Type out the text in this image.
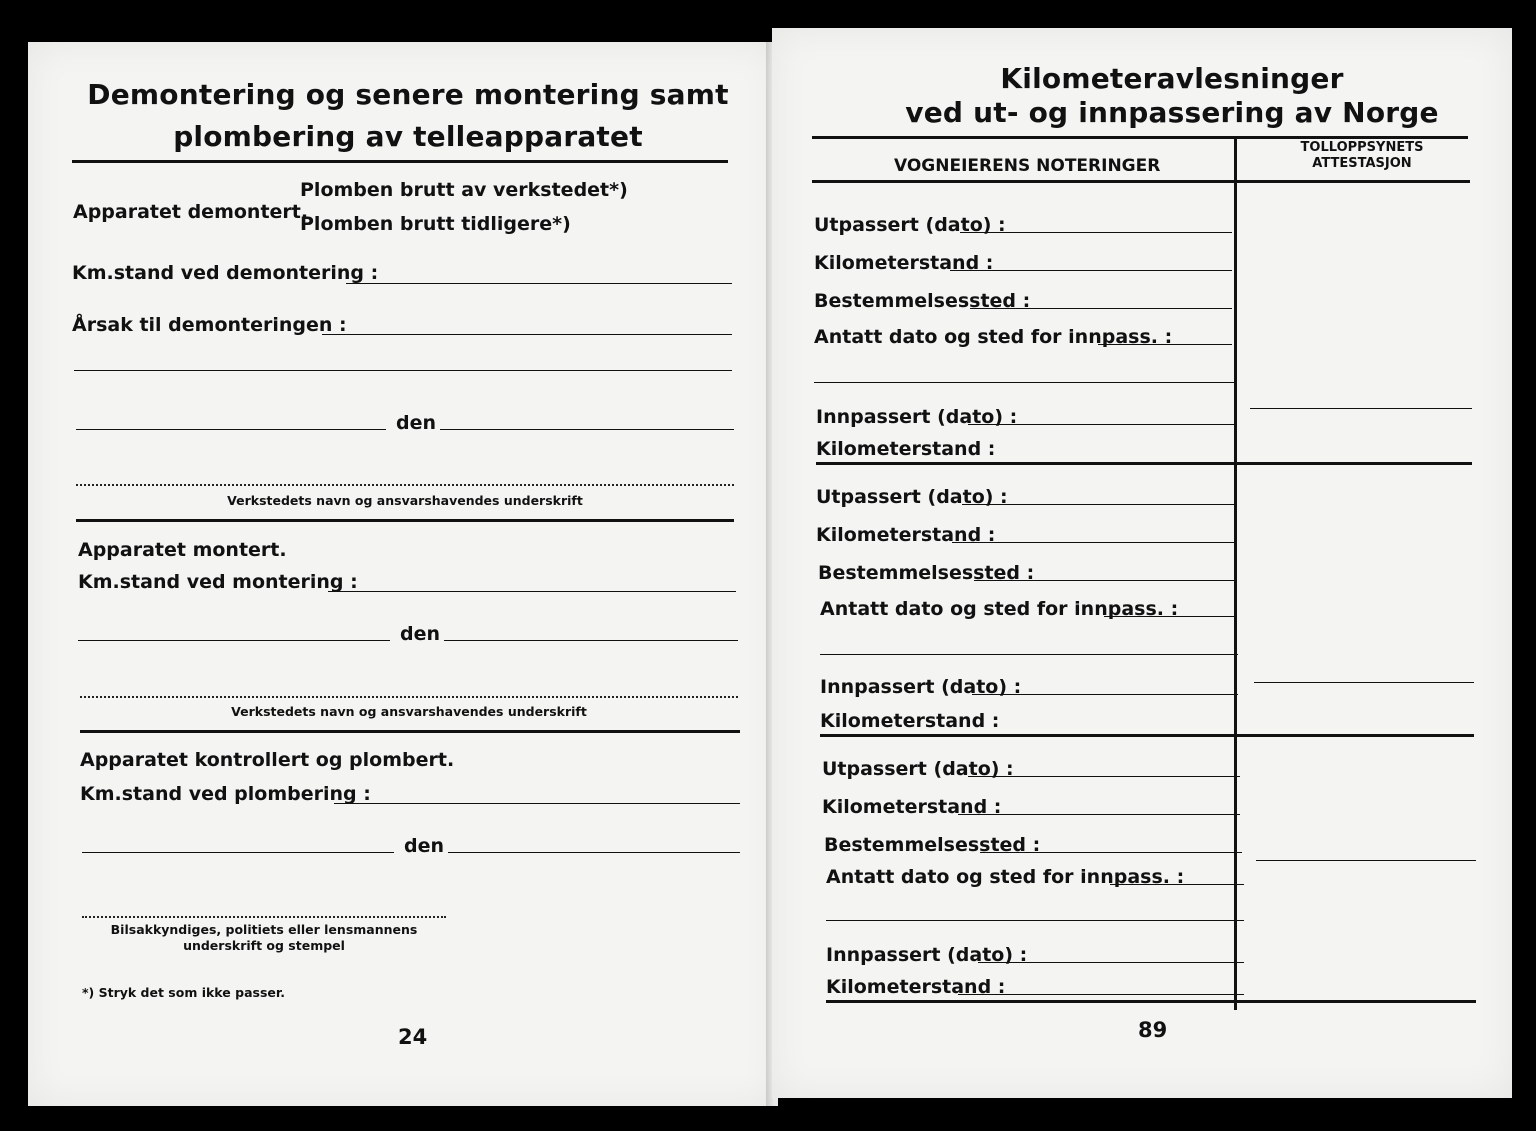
Demontering og senere montering samt
plombering av telleapparatet
Apparatet demontert.
Plomben brutt av verkstedet*)
Plomben brutt tidligere*)
Km.stand ved demontering :
Årsak til demonteringen :
den
Verkstedets navn og ansvarshavendes underskrift
Apparatet montert.
Km.stand ved montering :
den
Verkstedets navn og ansvarshavendes underskrift
Apparatet kontrollert og plombert.
Km.stand ved plombering :
den
Bilsakkyndiges, politiets eller lensmannens
underskrift og stempel
*) Stryk det som ikke passer.
24
Kilometeravlesninger
ved ut- og innpassering av Norge
VOGNEIERENS NOTERINGER
TOLLOPPSYNETS
ATTESTASJON
Utpassert (dato) :
Kilometerstand :
Bestemmelsessted :
Antatt dato og sted for innpass. :
Innpassert (dato) :
Kilometerstand :
Utpassert (dato) :
Kilometerstand :
Bestemmelsessted :
Antatt dato og sted for innpass. :
Innpassert (dato) :
Kilometerstand :
Utpassert (dato) :
Kilometerstand :
Bestemmelsessted :
Antatt dato og sted for innpass. :
Innpassert (dato) :
Kilometerstand :
89
